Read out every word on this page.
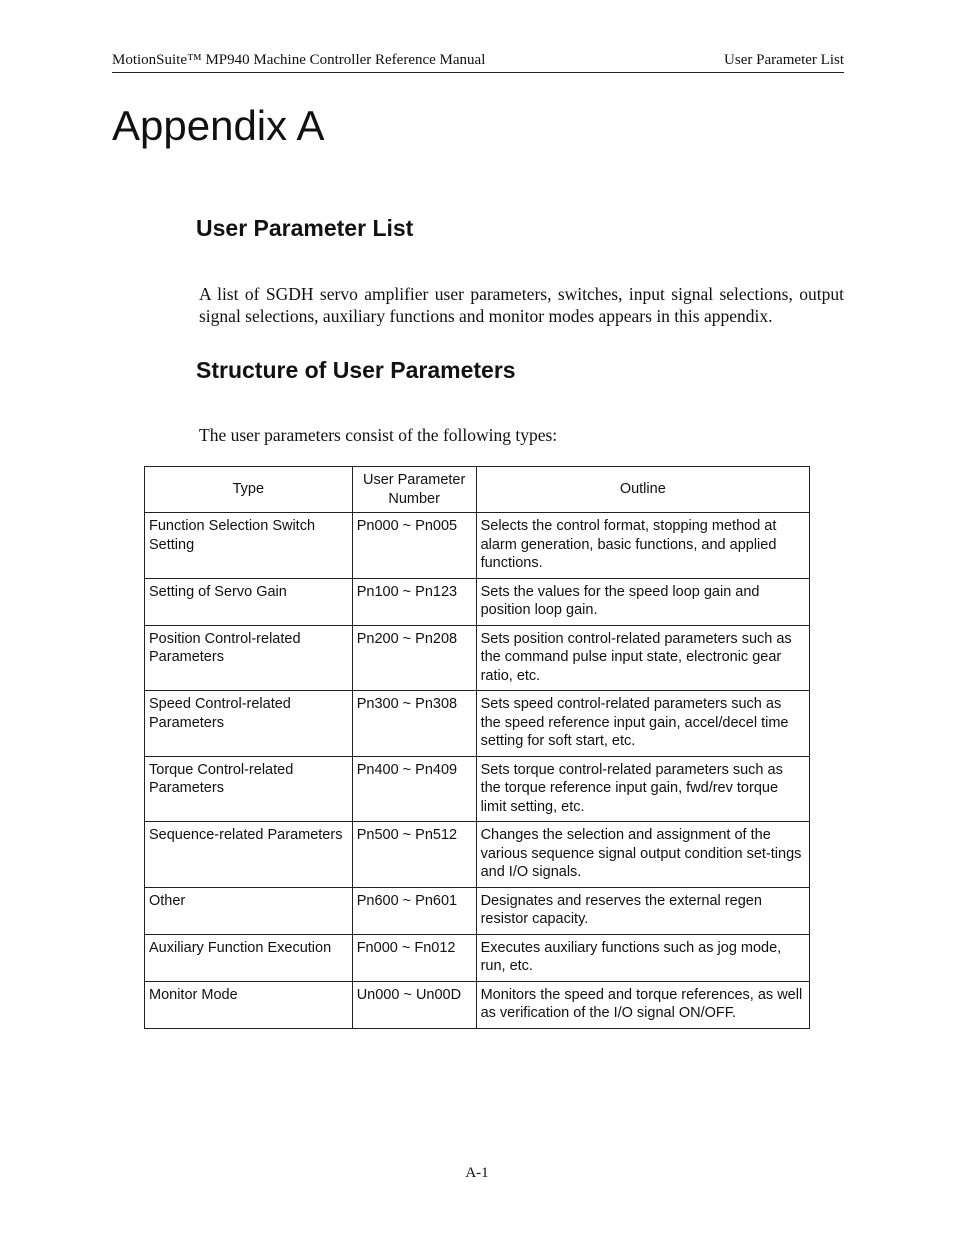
MotionSuite™ MP940 Machine Controller Reference Manual	User Parameter List
Appendix A
User Parameter List

A list of SGDH servo amplifier user parameters, switches, input signal selections, output signal selections, auxiliary functions and monitor modes appears in this appendix.

Structure of User Parameters

The user parameters consist of the following types:

Type	User Parameter Number	Outline
Function Selection Switch Setting	Pn000 ~ Pn005	Selects the control format, stopping method at alarm generation, basic functions, and applied functions.
Setting of Servo Gain	Pn100 ~ Pn123	Sets the values for the speed loop gain and position loop gain.
Position Control-related Parameters	Pn200 ~ Pn208	Sets position control-related parameters such as the command pulse input state, electronic gear ratio, etc.
Speed Control-related Parameters	Pn300 ~ Pn308	Sets speed control-related parameters such as the speed reference input gain, accel/decel time setting for soft start, etc.
Torque Control-related Parameters	Pn400 ~ Pn409	Sets torque control-related parameters such as the torque reference input gain, fwd/rev torque limit setting, etc.
Sequence-related Parameters	Pn500 ~ Pn512	Changes the selection and assignment of the various sequence signal output condition set-tings and I/O signals.
Other	Pn600 ~ Pn601	Designates and reserves the external regen resistor capacity.
Auxiliary Function Execution	Fn000 ~ Fn012	Executes auxiliary functions such as jog mode, run, etc.
Monitor Mode	Un000 ~ Un00D	Monitors the speed and torque references, as well as verification of the I/O signal ON/OFF.
A-1
